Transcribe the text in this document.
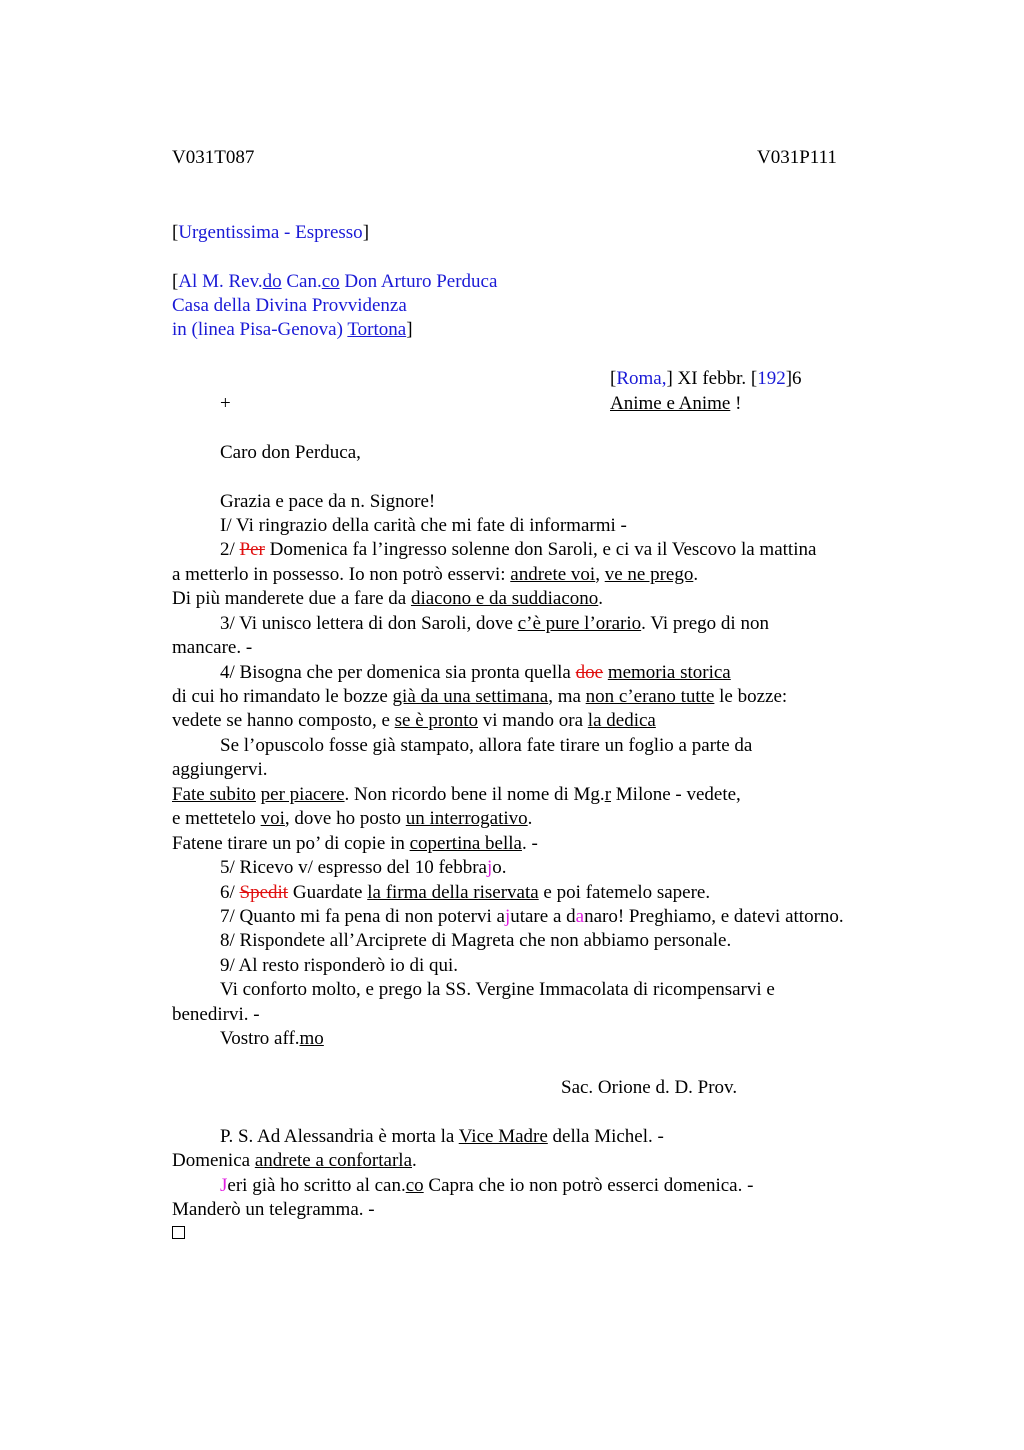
V031T087	V031P111
[Urgentissima - Espresso]
[Al M. Rev.do Can.co Don Arturo Perduca
Casa della Divina Provvidenza
in (linea Pisa-Genova) Tortona]
[Roma,] XI febbr. [192]6
+	Anime e Anime !
Caro don Perduca,
Grazia e pace da n. Signore!
I/ Vi ringrazio della carità che mi fate di informarmi -
2/ Per Domenica fa l’ingresso solenne don Saroli, e ci va il Vescovo la mattina
a metterlo in possesso. Io non potrò esservi: andrete voi, ve ne prego.
Di più manderete due a fare da diacono e da suddiacono.
3/ Vi unisco lettera di don Saroli, dove c’è pure l’orario. Vi prego di non
mancare. -
4/ Bisogna che per domenica sia pronta quella doe memoria storica
di cui ho rimandato le bozze già da una settimana, ma non c’erano tutte le bozze:
vedete se hanno composto, e se è pronto vi mando ora la dedica
Se l’opuscolo fosse già stampato, allora fate tirare un foglio a parte da
aggiungervi.
Fate subito per piacere. Non ricordo bene il nome di Mg.r Milone - vedete,
e mettetelo voi, dove ho posto un interrogativo.
Fatene tirare un po’ di copie in copertina bella. -
5/ Ricevo v/ espresso del 10 febbrajo.
6/ Spedit Guardate la firma della riservata e poi fatemelo sapere.
7/ Quanto mi fa pena di non potervi ajutare a danaro! Preghiamo, e datevi attorno.
8/ Rispondete all’Arciprete di Magreta che non abbiamo personale.
9/ Al resto risponderò io di qui.
Vi conforto molto, e prego la SS. Vergine Immacolata di ricompensarvi e
benedirvi. -
Vostro aff.mo
Sac. Orione d. D. Prov.
P. S. Ad Alessandria è morta la Vice Madre della Michel. -
Domenica andrete a confortarla.
Jeri già ho scritto al can.co Capra che io non potrò esserci domenica. -
Manderò un telegramma. -
